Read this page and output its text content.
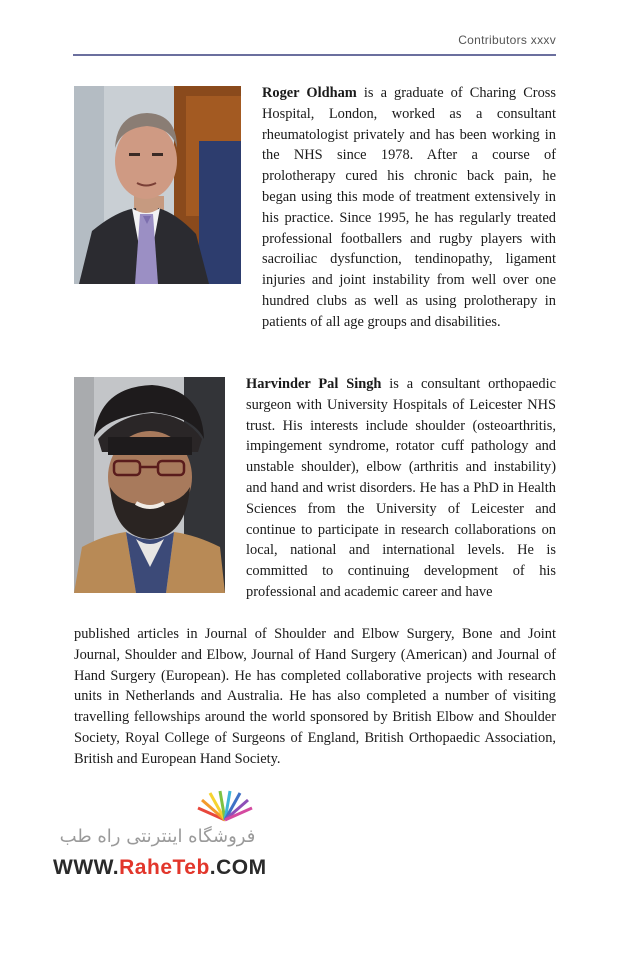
Contributors xxxv
Roger Oldham is a graduate of Charing Cross Hospital, London, worked as a consultant rheumatologist privately and has been working in the NHS since 1978. After a course of prolotherapy cured his chronic back pain, he began using this mode of treatment extensively in his practice. Since 1995, he has regularly treated professional footballers and rugby players with sacroiliac dysfunction, tendinopathy, ligament injuries and joint instability from well over one hundred clubs as well as using prolotherapy in patients of all age groups and disabilities.
Harvinder Pal Singh is a consultant orthopaedic surgeon with University Hospitals of Leicester NHS trust. His interests include shoulder (osteoarthritis, impingement syndrome, rotator cuff pathology and unstable shoulder), elbow (arthritis and instability) and hand and wrist disorders. He has a PhD in Health Sciences from the University of Leicester and continue to participate in research collaborations on local, national and international levels. He is committed to continuing development of his professional and academic career and have
published articles in Journal of Shoulder and Elbow Surgery, Bone and Joint Journal, Shoulder and Elbow, Journal of Hand Surgery (American) and Journal of Hand Surgery (European). He has completed collaborative projects with research units in Netherlands and Australia. He has also completed a number of visiting travelling fellowships around the world sponsored by British Elbow and Shoulder Society, Royal College of Surgeons of England, British Orthopaedic Association, British and European Hand Society.
فروشگاه اینترنتی راه طب
WWW.RaheTeb.COM
